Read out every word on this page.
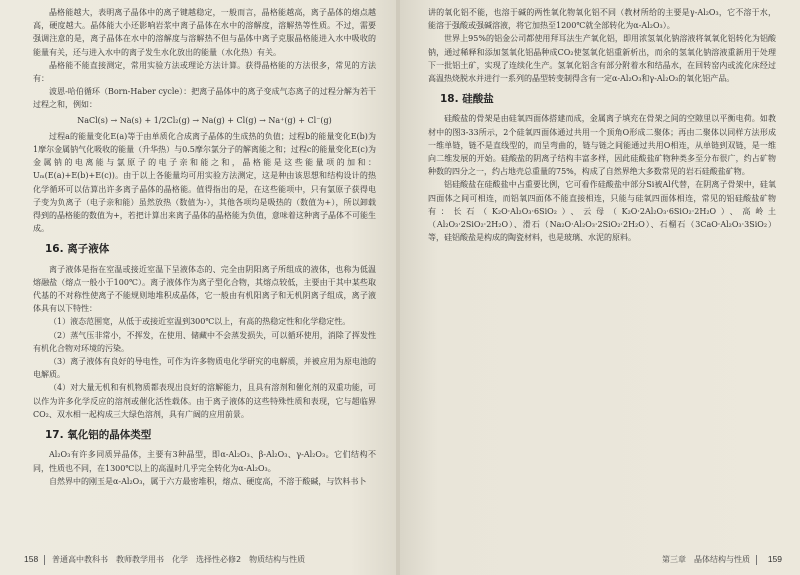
晶格能越大，表明离子晶体中的离子键越稳定，一般而言，晶格能越高，离子晶体的熔点越高，硬度越大。晶体能大小还影响岩浆中离子晶体在水中的溶解度，溶解热等性质。不过，需要强调注意的是，离子晶体在水中的溶解度与溶解热不但与晶体中离子克服晶格能进入水中吸收的能量有关，还与进入水中的离子发生水化放出的能量（水化热）有关。

晶格能不能直接测定，常用实验方法或理论方法计算。获得晶格能的方法很多，常见的方法有：

波恩-哈伯循环（Born-Haber cycle）：把离子晶体中的离子变成气态离子的过程分解为若干过程之和，例如：

NaCl(s) → Na(s) + 1/2Cl₂(g) → Na(g) + Cl(g) → Na⁺(g) + Cl⁻(g)

过程a的能量变化E(a)等于由单质化合成离子晶体的生成热的负值；过程b的能量变化E(b)为1摩尔金属钠气化吸收的能量（升华热）与0.5摩尔氯分子的解离能之和；过程c的能量变化E(c)为金属钠的电离能与氯原子的电子亲和能之和，晶格能是这些能量项的加和：Uₘ(E(a)+E(b)+E(c))。由于以上各能量均可用实验方法测定，这是种由该思想和结构设计的热化学循环可以估算出许多离子晶体的晶格能。值得指出的是，在这些能项中，只有氯原子获得电子变为负离子（电子亲和能）虽然放热（数值为-），其他各项均是吸热的（数值为+），所以卸载得到的晶格能的数值为+，若把计算出来离子晶体的晶格能为负值，意味着这种离子晶体不可能生成。

16. 离子液体

离子液体是指在室温或接近室温下呈液体态的、完全由阴阳离子所组成的液体，也称为低温熔融盐（熔点一般小于100℃）。离子液体作为离子型化合物，其熔点较低，主要由于其中某些取代基的不对称性使离子不能规则地堆积成晶体，它一般由有机阳离子和无机阴离子组成，离子液体具有以下特性：

（1）液态范围宽，从低于或接近室温到300℃以上，有高的热稳定性和化学稳定性。

（2）蒸气压非常小，不挥发，在使用、储藏中不会蒸发损失，可以循环使用，消除了挥发性有机化合物对环境的污染。

（3）离子液体有良好的导电性，可作为许多物质电化学研究的电解质，并被应用为原电池的电解质。

（4）对大量无机和有机物质都表现出良好的溶解能力，且具有溶剂和催化剂的双重功能，可以作为许多化学反应的溶剂或催化活性载体。由于离子液体的这些特殊性质和表现，它与超临界CO₂、双水相一起构成三大绿色溶剂，具有广阔的应用前景。

17. 氧化铝的晶体类型

Al₂O₃有许多同质异晶体，主要有3种晶型，即α-Al₂O₃、β-Al₂O₃、γ-Al₂O₃。它们结构不同，性质也不同，在1300℃以上的高温时几乎完全转化为α-Al₂O₃。

自然界中的刚玉是α-Al₂O₃，属于六方最密堆积，熔点、硬度高，不溶于酸碱，与饮料书卜

158 普通高中教科书　教师教学用书　化学　选择性必修2　物质结构与性质

讲的氧化铝不能，也溶于碱的两性氧化物氧化铝不同（教材所给的主要是γ-Al₂O₃，它不溶于水，能溶于强酸或强碱溶液，将它加热至1200℃就全部转化为α-Al₂O₃）。

世界上95%的铝金公司都使用拜耳法生产氧化铝，即用浓氢氧化钠溶液将氧氧化铝转化为铝酸钠，通过稀释和添加氢氧化铝晶种成CO₂使氢氧化铝重新析出，而余的氢氧化钠溶液重新用于处理下一批铝土矿，实现了连续化生产。氢氧化铝含有部分附着水和结晶水，在回转窑内或流化床经过高温热烧脱水并进行一系列的晶型转变制得含有一定α-Al₂O₃和γ-Al₂O₃的氧化铝产品。

18. 硅酸盐

硅酸盐的骨架是由硅氧四面体搭建而成，金属离子填充在骨架之间的空隙里以平衡电荷。如教材中的图3-33所示，2个硅氧四面体通过共用一个顶角O形成二聚体；再由二聚体以同样方法形成一维单链，链不是直线型的，而呈弯曲的，链与链之间能通过共用O相连，从单链到双链，是一维向二维发展的开始。硅酸盐的阴离子结构丰富多样，因此硅酸盐矿物种类多至分布很广，约占矿物种数的四分之一，约占地壳总重量的75%，构成了自然界绝大多数常见的岩石硅酸盐矿物。

铝硅酸盐在硅酸盐中占重要比例，它可看作硅酸盐中部分Si被Al代替，在阴离子骨架中，硅氧四面体之间可相连，而铝氧四面体不能直接相连，只能与硅氧四面体相连，常见的铝硅酸盐矿物有：长石（K₂O·Al₂O₃·6SiO₂）、云母（K₂O·2Al₂O₃·6SiO₂·2H₂O）、高岭土（Al₂O₃·2SiO₂·2H₂O）、滑石（Na₂O·Al₂O₃·2SiO₂·2H₂O）、石榴石（3CaO·Al₂O₃·3SiO₂）等，硅铝酸盐是构成的陶瓷材料，也是玻璃、水泥的原料。

第三章　晶体结构与性质 159
